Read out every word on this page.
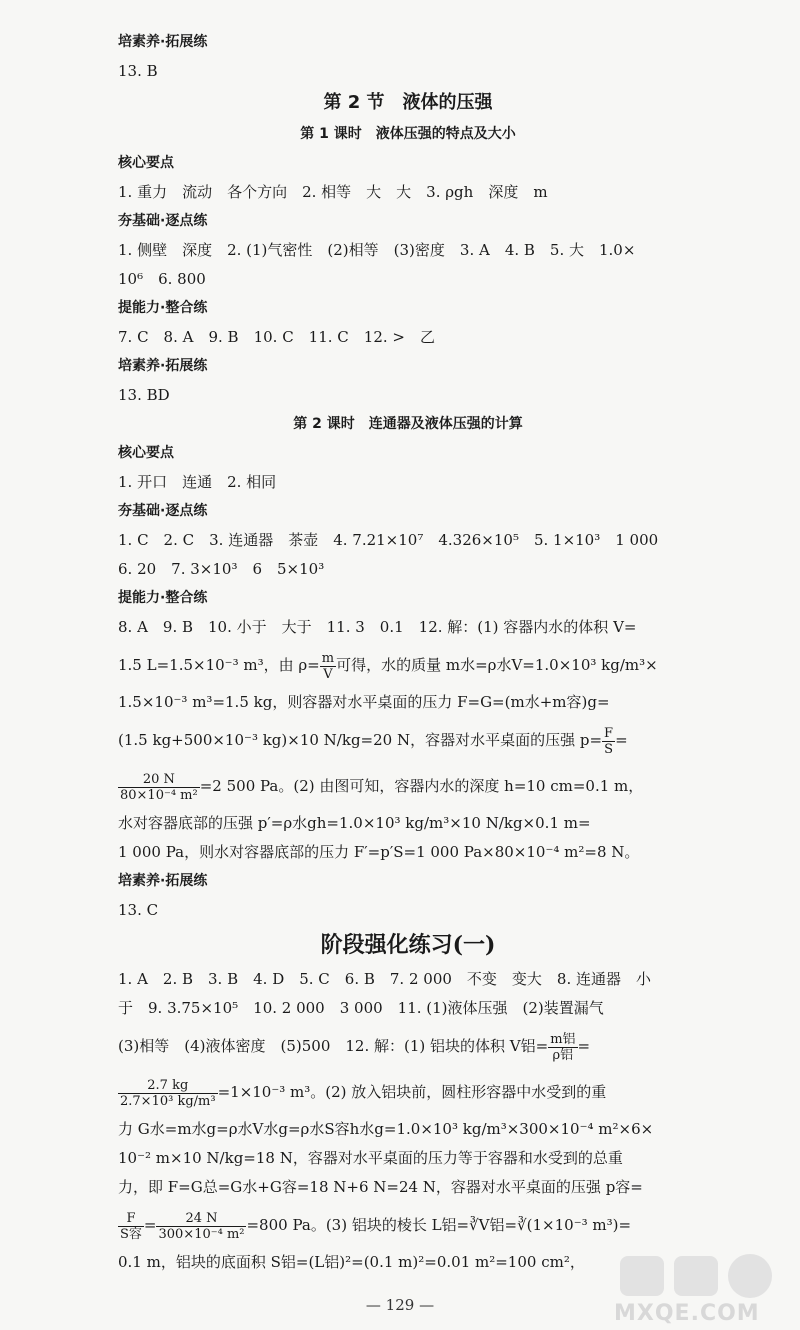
培素养·拓展练
13. B
第 2 节　液体的压强
第 1 课时　液体压强的特点及大小
核心要点
1. 重力　流动　各个方向　2. 相等　大　大　3. ρgh　深度　m
夯基础·逐点练
1. 侧壁　深度　2. (1)气密性　(2)相等　(3)密度　3. A　4. B　5. 大　1.0×
10⁶　6. 800
提能力·整合练
7. C　8. A　9. B　10. C　11. C　12. >　乙
培素养·拓展练
13. BD
第 2 课时　连通器及液体压强的计算
核心要点
1. 开口　连通　2. 相同
夯基础·逐点练
1. C　2. C　3. 连通器　茶壶　4. 7.21×10⁷　4.326×10⁵　5. 1×10³　1 000
6. 20　7. 3×10³　6　5×10³
提能力·整合练
8. A　9. B　10. 小于　大于　11. 3　0.1　12. 解：(1) 容器内水的体积 V=
1.5 L=1.5×10⁻³ m³，由 $\rho= \frac{m}{V}$ 可得，水的质量 m水=ρ水V=1.0×10³ kg/m³×
1.5×10⁻³ m³=1.5 kg，则容器对水平桌面的压力 F=G=(m水+m容)g=
(1.5 kg+500×10⁻³ kg)×10 N/kg=20 N，容器对水平桌面的压强 $p= \frac{F}{S}$ =
$\frac{20 N}{\text{80×10⁻⁴ m²}} =2$ 500 Pa。(2) 由图可知，容器内水的深度 h=10 cm=0.1 m，
水对容器底部的压强 p′=ρ水gh=1.0×10³ kg/m³×10 N/kg×0.1 m=
1 000 Pa，则水对容器底部的压力 F′=p′S=1 000 Pa×80×10⁻⁴ m²=8 N。
培素养·拓展练
13. C
阶段强化练习(一)
1. A　2. B　3. B　4. D　5. C　6. B　7. 2 000　不变　变大　8. 连通器　小
于　9. 3.75×10⁵　10. 2 000　3 000　11. (1)液体压强　(2)装置漏气
(3)相等　(4)液体密度　(5)500　12. 解：(1) 铝块的体积 V铝= $\frac{\text{m铝}}{\text{ρ铝}}$ =
$\frac{2.7 kg}{\text{2.7×10³ kg/m³}} =1\times 10^{-3}$ m³。(2) 放入铝块前，圆柱形容器中水受到的重
力 G水=m水g=ρ水V水g=ρ水S容h水g=1.0×10³ kg/m³×300×10⁻⁴ m²×6×
10⁻² m×10 N/kg=18 N，容器对水平桌面的压力等于容器和水受到的总重
力，即 F=G总=G水+G容=18 N+6 N=24 N，容器对水平桌面的压强 p容=
$\frac{F}{\text{S容}} = \frac{24 N}{\text{300×10⁻⁴ m²}} =800$ Pa。(3) 铝块的棱长 L铝=∛V铝=∛(1×10⁻³ m³)=
0.1 m，铝块的底面积 S铝=(L铝)²=(0.1 m)²=0.01 m²=100 cm²，
MXQE.COM
— 129 —
